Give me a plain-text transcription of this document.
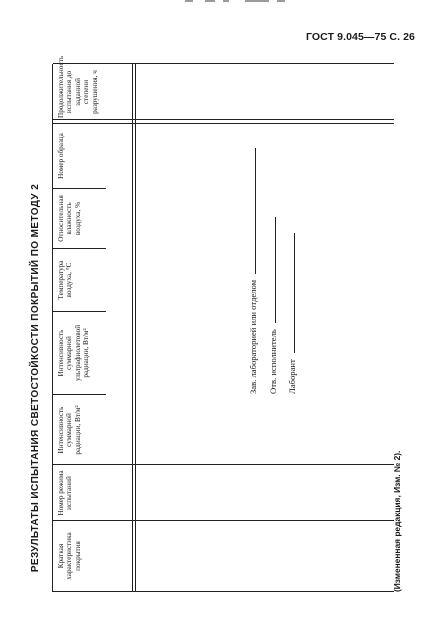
ГОСТ 9.045—75 С. 26
РЕЗУЛЬТАТЫ ИСПЫТАНИЯ СВЕТОСТОЙКОСТИ ПОКРЫТИЙ ПО МЕТОДУ 2 Краткая характеристика покрытия
Номер режима испытаний
Интенсивность суммарной радиации, Вт/м²
Интенсивность суммарной ультрафиолетовой радиации, Вт/м²
Температура воздуха, °C
Относительная влажность воздуха, %
Номер образца
Продолжительность испытания до заданной степени разрушения, ч
Зав. лабораторией или отделом Отв. исполнитель Лаборант
(Измененная редакция, Изм. № 2).
